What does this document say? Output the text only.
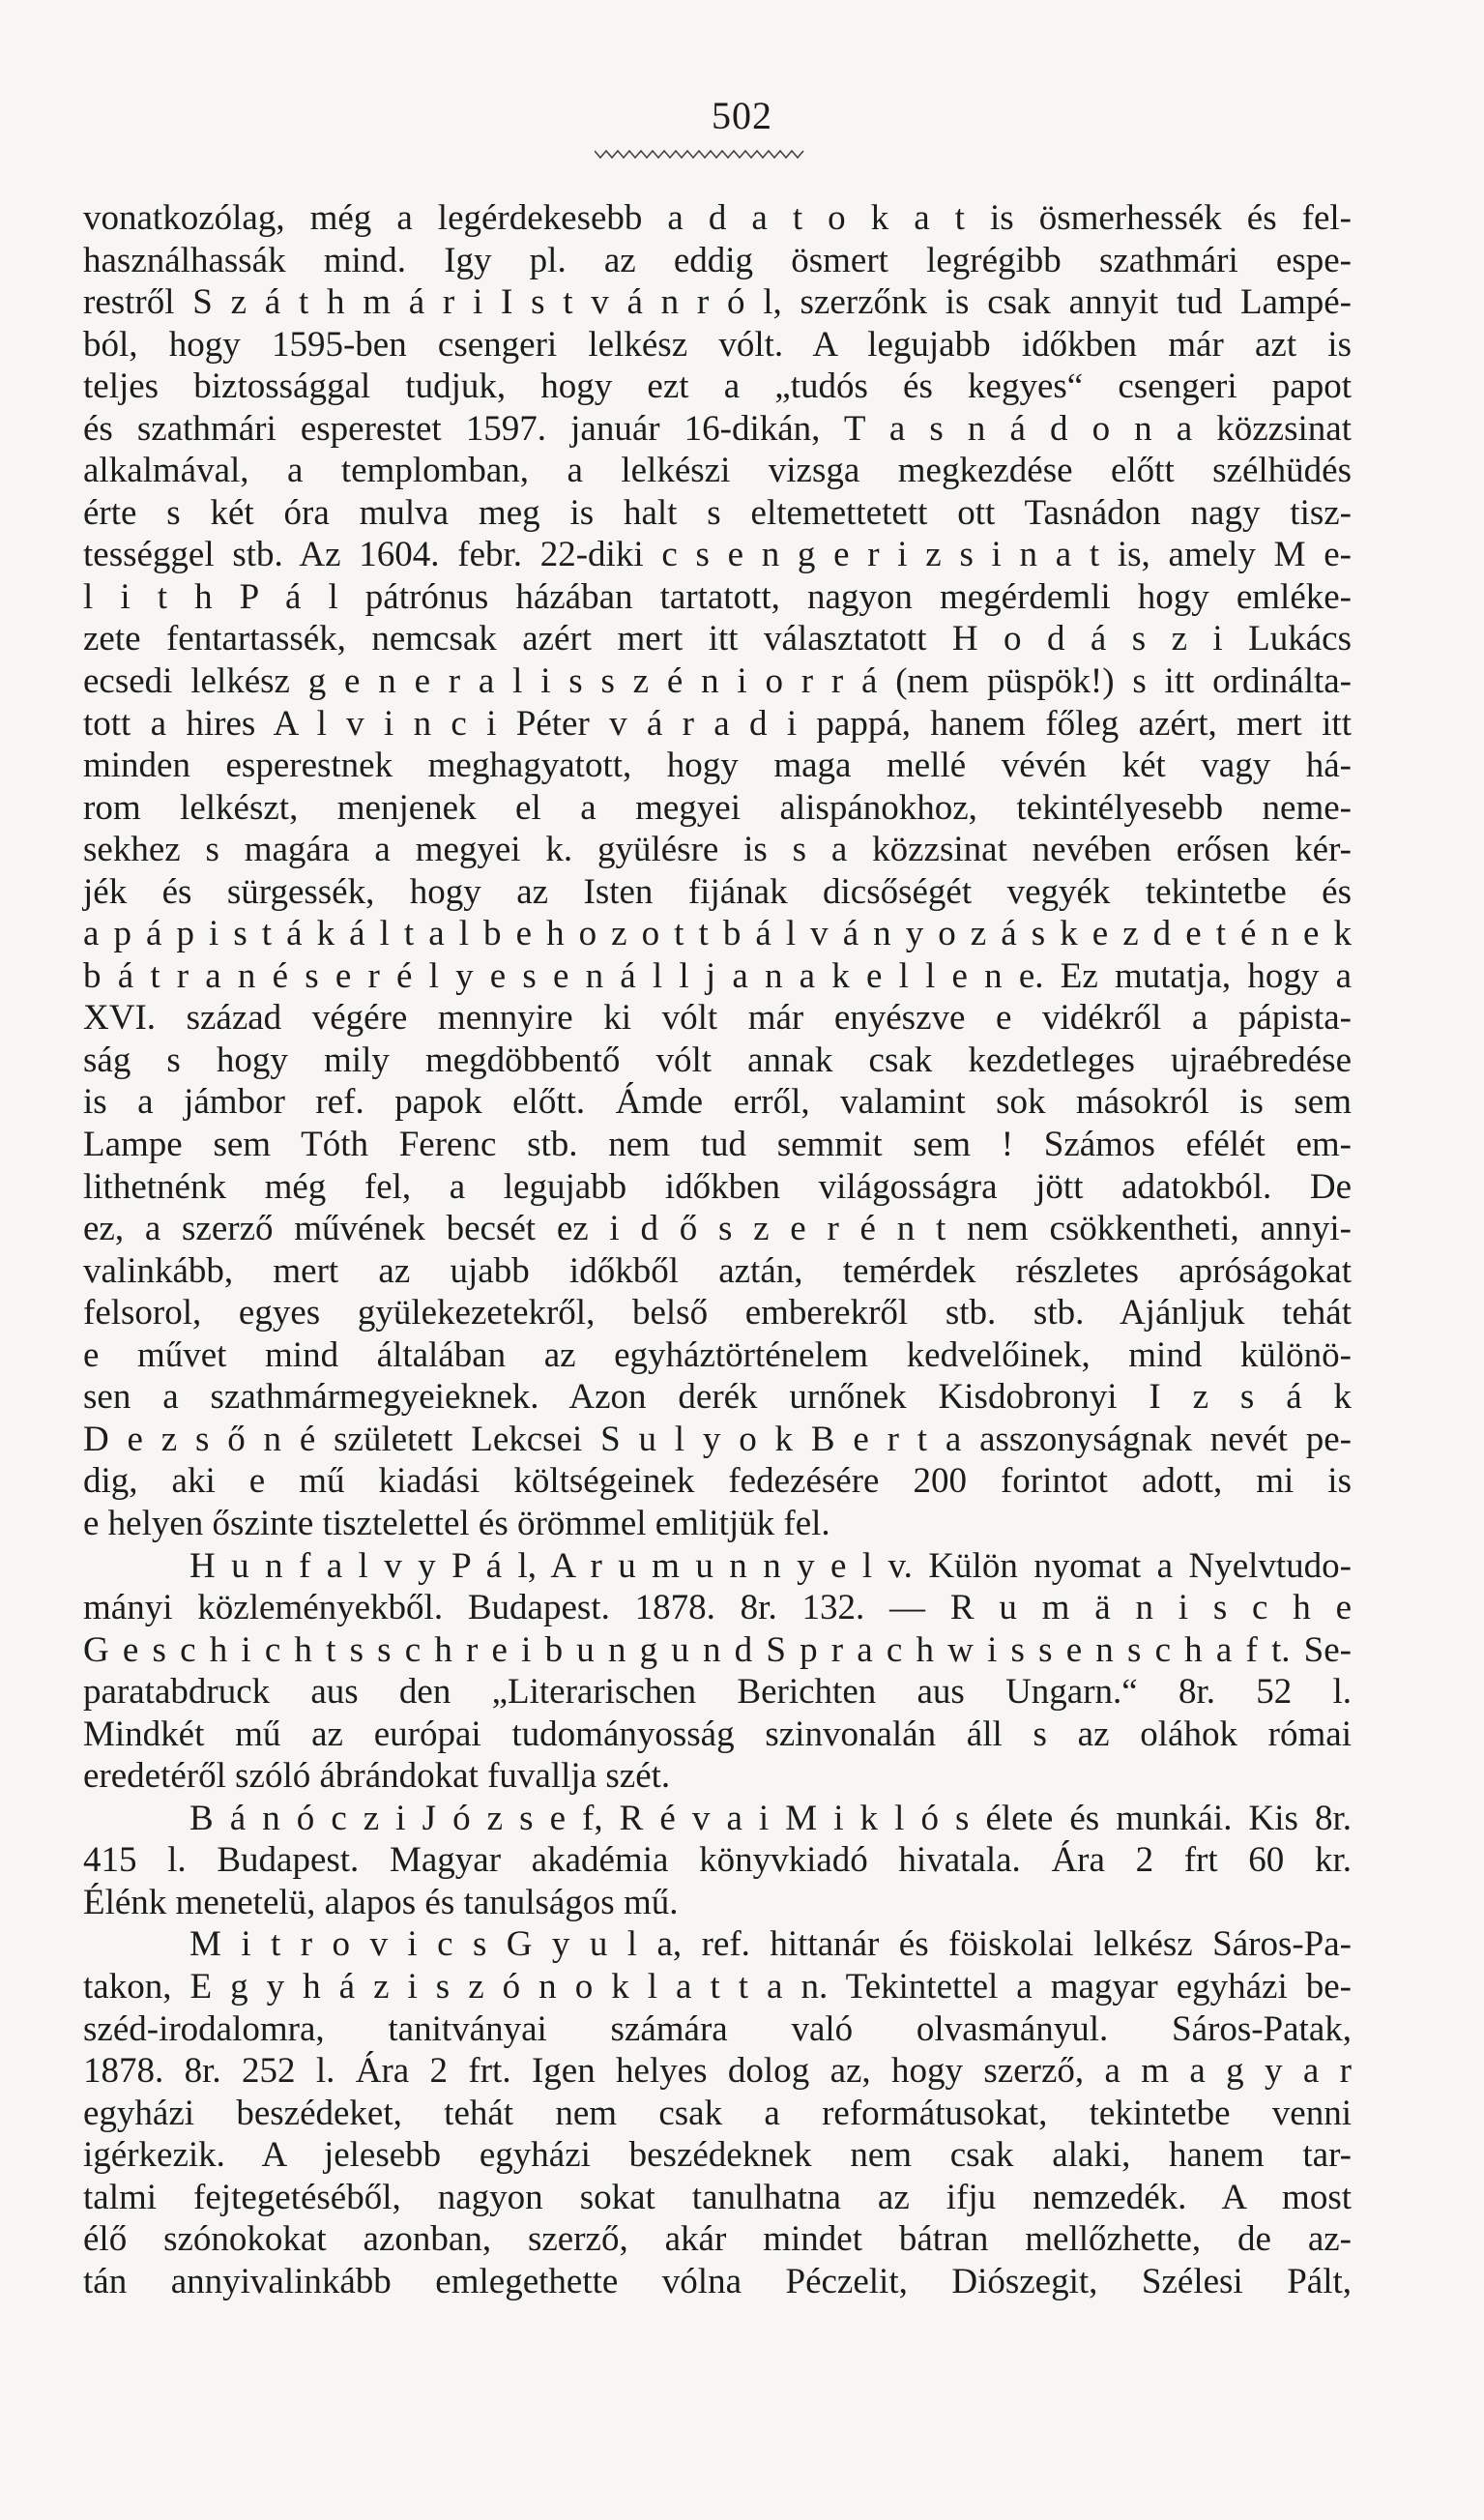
502
vonatkozólag, még a legérdekesebb a d a t o k a t is ösmerhessék és fel-
használhassák mind. Igy pl. az eddig ösmert legrégibb szathmári espe-
restről S z á t h m á r i I s t v á n r ó l, szerzőnk is csak annyit tud Lampé-
ból, hogy 1595-ben csengeri lelkész vólt. A legujabb időkben már azt is
teljes biztossággal tudjuk, hogy ezt a „tudós és kegyes“ csengeri papot
és szathmári esperestet 1597. január 16-dikán, T a s n á d o n a közzsinat
alkalmával, a templomban, a lelkészi vizsga megkezdése előtt szélhüdés
érte s két óra mulva meg is halt s eltemettetett ott Tasnádon nagy tisz-
tességgel stb. Az 1604. febr. 22-diki c s e n g e r i z s i n a t is, amely M e-
l i t h P á l pátrónus házában tartatott, nagyon megérdemli hogy emléke-
zete fentartassék, nemcsak azért mert itt választatott H o d á s z i Lukács
ecsedi lelkész g e n e r a l i s s z é n i o r r á (nem püspök!) s itt ordináltа-
tott a hires A l v i n c i Péter v á r a d i pappá, hanem főleg azért, mert itt
minden esperestnek meghagyatott, hogy maga mellé vévén két vagy há-
rom lelkészt, menjenek el a megyei alispánokhoz, tekintélyesebb neme-
sekhez s magára a megyei k. gyülésre is s a közzsinat nevében erősen kér-
jék és sürgessék, hogy az Isten fijának dicsőségét vegyék tekintetbe és
a p á p i s t á k á l t a l b e h o z o t t b á l v á n y o z á s k e z d e t é n e k
b á t r a n é s e r é l y e s e n á l l j a n a k e l l e n e. Ez mutatja, hogy a
XVI. század végére mennyire ki vólt már enyészve e vidékről a pápista-
ság s hogy mily megdöbbentő vólt annak csak kezdetleges ujraébredése
is a jámbor ref. papok előtt. Ámde erről, valamint sok másokról is sem
Lampe sem Tóth Ferenc stb. nem tud semmit sem ! Számos efélét em-
lithetnénk még fel, a legujabb időkben világosságra jött adatokból. De
ez, a szerző művének becsét ez i d ő s z e r é n t nem csökkentheti, annyi-
valinkább, mert az ujabb időkből aztán, temérdek részletes apróságokat
felsorol, egyes gyülekezetekről, belső emberekről stb. stb. Ajánljuk tehát
e művet mind általában az egyháztörténelem kedvelőinek, mind különö-
sen a szathmármegyeieknek. Azon derék urnőnek Kisdobronyi I z s á k
D e z s ő n é született Lekcsei S u l y o k B e r t a asszonyságnak nevét pe-
dig, aki e mű kiadási költségeinek fedezésére 200 forintot adott, mi is
e helyen őszinte tisztelettel és örömmel emlitjük fel.
H u n f a l v y P á l, A r u m u n n y e l v. Külön nyomat a Nyelvtudo-
mányi közleményekből. Budapest. 1878. 8r. 132. — R u m ä n i s c h e
G e s c h i c h t s s c h r e i b u n g u n d S p r a c h w i s s e n s c h a f t. Se-
paratabdruck aus den „Literarischen Berichten aus Ungarn.“ 8r. 52 l.
Mindkét mű az európai tudományosság szinvonalán áll s az oláhok római
eredetéről szóló ábrándokat fuvallja szét.
B á n ó c z i J ó z s e f, R é v a i M i k l ó s élete és munkái. Kis 8r.
415 l. Budapest. Magyar akadémia könyvkiadó hivatala. Ára 2 frt 60 kr.
Élénk menetelü, alapos és tanulságos mű.
M i t r o v i c s G y u l a, ref. hittanár és föiskolai lelkész Sáros-Pa-
takon, E g y h á z i s z ó n o k l a t t a n. Tekintettel a magyar egyházi be-
széd-irodalomra, tanitványai számára való olvasmányul. Sáros-Patak,
1878. 8r. 252 l. Ára 2 frt. Igen helyes dolog az, hogy szerző, a m a g y a r
egyházi beszédeket, tehát nem csak a reformátusokat, tekintetbe venni
igérkezik. A jelesebb egyházi beszédeknek nem csak alaki, hanem tar-
talmi fejtegetéséből, nagyon sokat tanulhatna az ifju nemzedék. A most
élő szónokokat azonban, szerző, akár mindet bátran mellőzhette, de az-
tán annyivalinkább emlegethette vólna Péczelit, Diószegit, Szélesi Pált,
